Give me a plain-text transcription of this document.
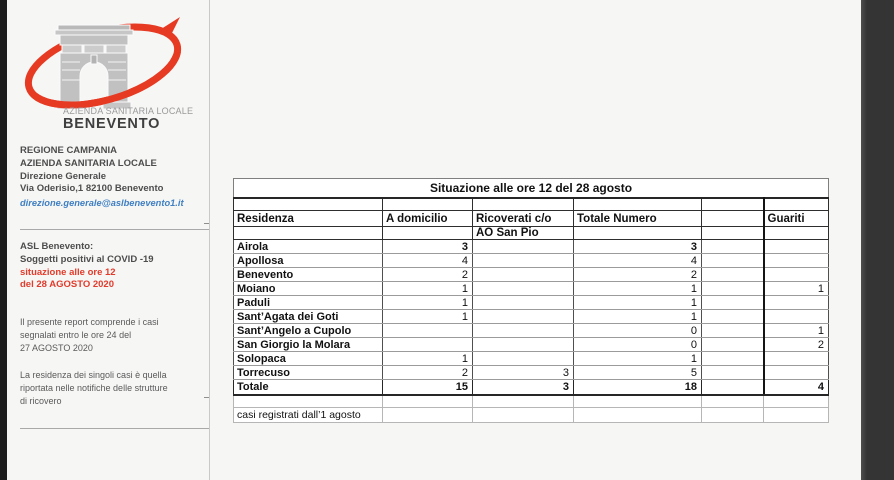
AZIENDA SANITARIA LOCALE
BENEVENTO
REGIONE CAMPANIA
AZIENDA SANITARIA LOCALE
Direzione Generale
Via Oderisio,1 82100 Benevento
direzione.generale@aslbenevento1.it
ASL Benevento:
Soggetti positivi al COVID -19
situazione alle ore 12
del 28 AGOSTO 2020
Il presente report comprende i casi
segnalati entro le ore 24 del
27 AGOSTO 2020
La residenza dei singoli casi è quella
riportata nelle notifiche delle strutture
di ricovero
Situazione alle ore 12 del 28 agosto					

Residenza	A domicilio	Ricoverati c/o	Totale Numero		Guariti
		AO San Pio			
Airola	3		3		
Apollosa	4		4		
Benevento	2		2		
Moiano	1		1		1
Paduli	1		1		
Sant’Agata dei Goti	1		1		
Sant’Angelo a Cupolo			0		1
San Giorgio la Molara			0		2
Solopaca	1		1		
Torrecuso	2	3	5		
Totale	15	3	18		4

casi registrati dall’1 agosto					
